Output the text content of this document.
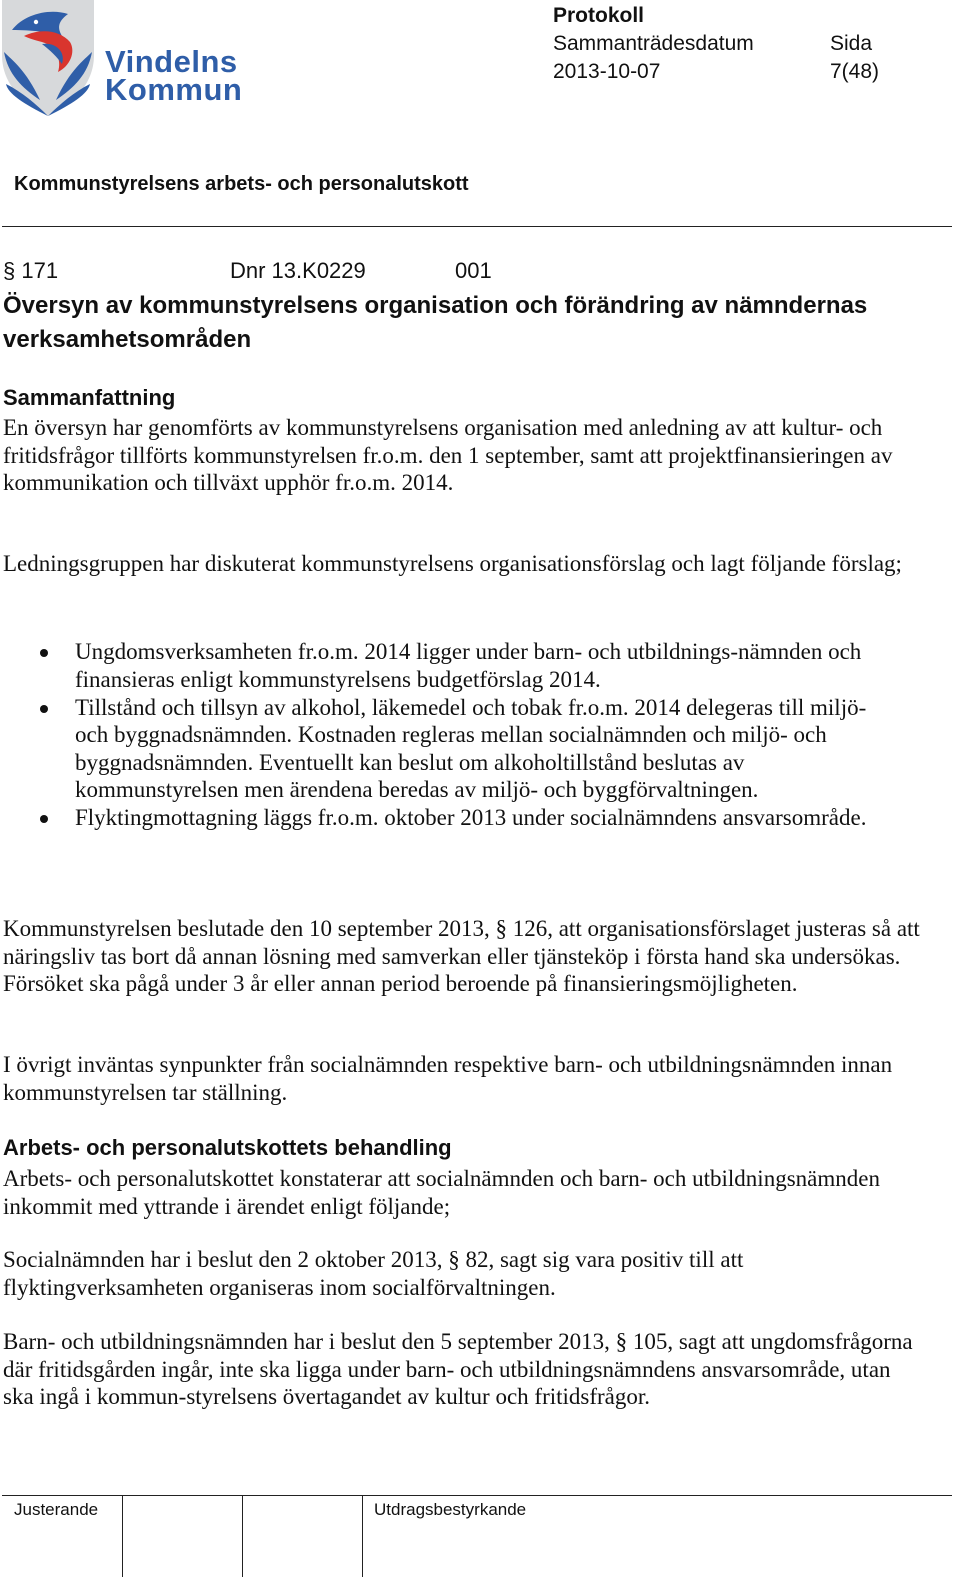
Vindelns
Kommun
Protokoll
Sammanträdesdatum
2013-10-07
Sida
7(48)
Kommunstyrelsens arbets- och personalutskott
§ 171	Dnr 13.K0229	001
Översyn av kommunstyrelsens organisation och förändring av nämndernas verksamhetsområden
Sammanfattning

En översyn har genomförts av kommunstyrelsens organisation med anledning av att kultur- och fritidsfrågor tillförts kommunstyrelsen fr.o.m. den 1 september, samt att projektfinansieringen av kommunikation och tillväxt upphör fr.o.m. 2014.

Ledningsgruppen har diskuterat kommunstyrelsens organisationsförslag och lagt följande förslag;

Ungdomsverksamheten fr.o.m. 2014 ligger under barn- och utbildnings-nämnden och finansieras enligt kommunstyrelsens budgetförslag 2014.
Tillstånd och tillsyn av alkohol, läkemedel och tobak fr.o.m. 2014 delegeras till miljö- och byggnadsnämnden. Kostnaden regleras mellan socialnämnden och miljö- och byggnadsnämnden. Eventuellt kan beslut om alkoholtillstånd beslutas av kommunstyrelsen men ärendena beredas av miljö- och byggförvaltningen.
Flyktingmottagning läggs fr.o.m. oktober 2013 under socialnämndens ansvarsområde.

Kommunstyrelsen beslutade den 10 september 2013, § 126, att organisationsförslaget justeras så att näringsliv tas bort då annan lösning med samverkan eller tjänsteköp i första hand ska undersökas. Försöket ska pågå under 3 år eller annan period beroende på finansieringsmöjligheten.

I övrigt inväntas synpunkter från socialnämnden respektive barn- och utbildningsnämnden innan kommunstyrelsen tar ställning.

Arbets- och personalutskottets behandling

Arbets- och personalutskottet konstaterar att socialnämnden och barn- och utbildningsnämnden inkommit med yttrande i ärendet enligt följande;

Socialnämnden har i beslut den 2 oktober 2013, § 82, sagt sig vara positiv till att flyktingverksamheten organiseras inom socialförvaltningen.

Barn- och utbildningsnämnden har i beslut den 5 september 2013, § 105, sagt att ungdomsfrågorna där fritidsgården ingår, inte ska ligga under barn- och utbildningsnämndens ansvarsområde, utan ska ingå i kommun-styrelsens övertagandet av kultur och fritidsfrågor.

Justerande	Utdragsbestyrkande
